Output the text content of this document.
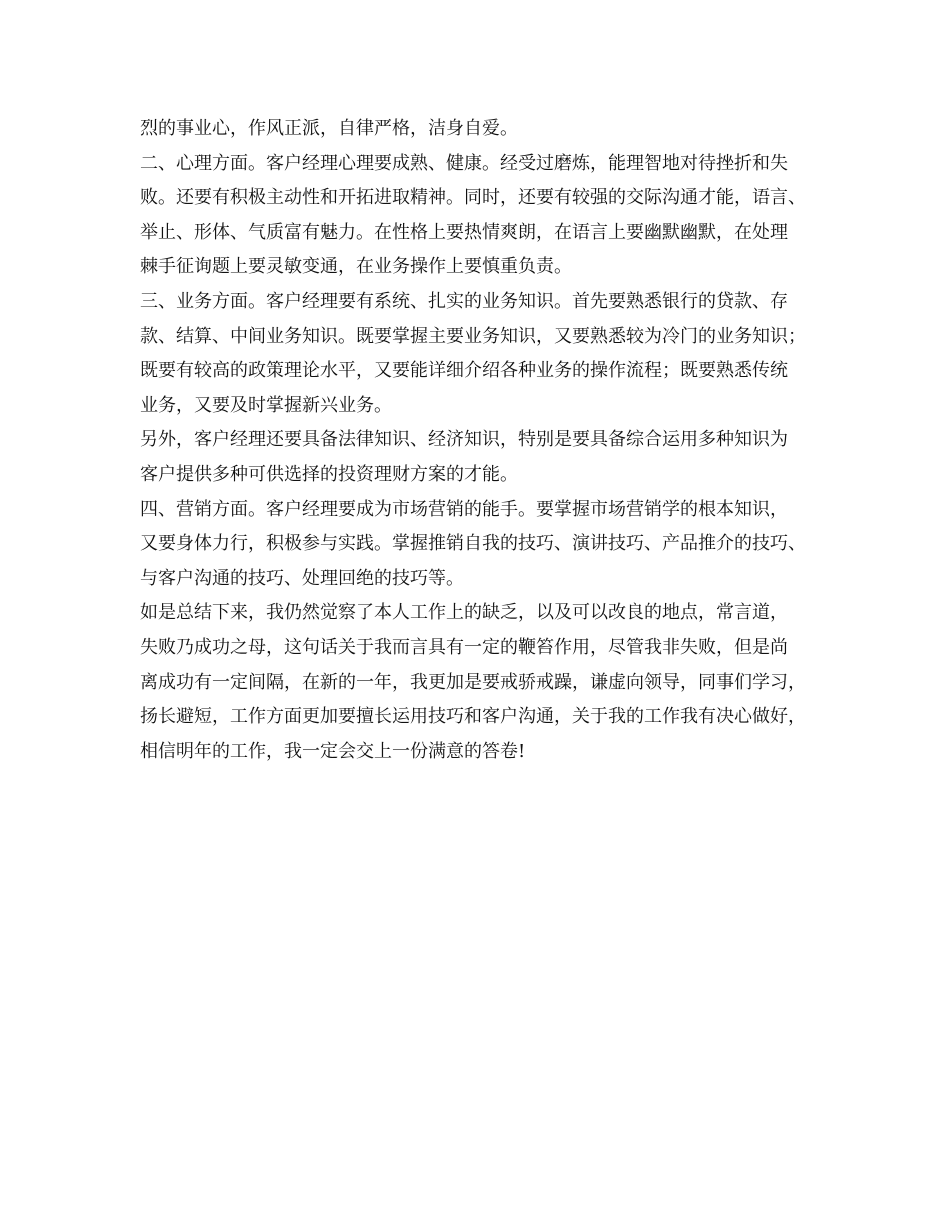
烈的事业心，作风正派，自律严格，洁身自爱。
二、心理方面。客户经理心理要成熟、健康。经受过磨炼，能理智地对待挫折和失
败。还要有积极主动性和开拓进取精神。同时，还要有较强的交际沟通才能，语言、
举止、形体、气质富有魅力。在性格上要热情爽朗，在语言上要幽默幽默，在处理
棘手征询题上要灵敏变通，在业务操作上要慎重负责。
三、业务方面。客户经理要有系统、扎实的业务知识。首先要熟悉银行的贷款、存
款、结算、中间业务知识。既要掌握主要业务知识，又要熟悉较为冷门的业务知识；
既要有较高的政策理论水平，又要能详细介绍各种业务的操作流程；既要熟悉传统
业务，又要及时掌握新兴业务。
另外，客户经理还要具备法律知识、经济知识，特别是要具备综合运用多种知识为
客户提供多种可供选择的投资理财方案的才能。
四、营销方面。客户经理要成为市场营销的能手。要掌握市场营销学的根本知识，
又要身体力行，积极参与实践。掌握推销自我的技巧、演讲技巧、产品推介的技巧、
与客户沟通的技巧、处理回绝的技巧等。
如是总结下来，我仍然觉察了本人工作上的缺乏，以及可以改良的地点，常言道，
失败乃成功之母，这句话关于我而言具有一定的鞭笞作用，尽管我非失败，但是尚
离成功有一定间隔，在新的一年，我更加是要戒骄戒躁，谦虚向领导，同事们学习，
扬长避短，工作方面更加要擅长运用技巧和客户沟通，关于我的工作我有决心做好，
相信明年的工作，我一定会交上一份满意的答卷!
